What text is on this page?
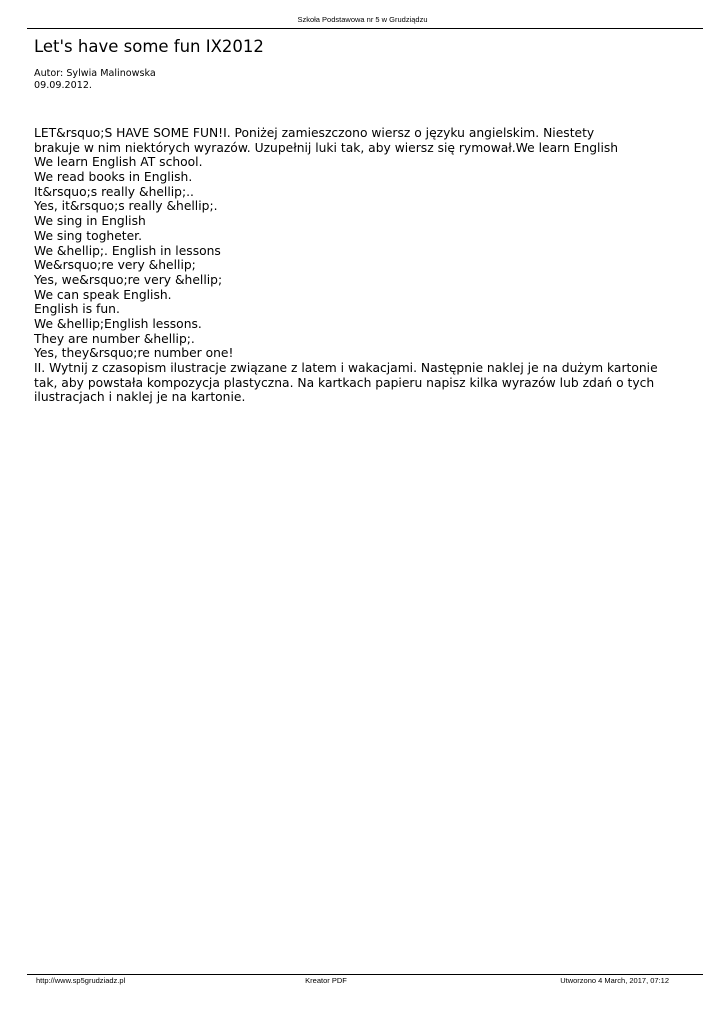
Szkoła Podstawowa nr 5 w Grudziądzu
Let's have some fun IX2012
Autor: Sylwia Malinowska
09.09.2012.
LET&rsquo;S HAVE SOME FUN!I. Poniżej zamieszczono wiersz o języku angielskim. Niestety
brakuje w nim niektórych wyrazów. Uzupełnij luki tak, aby wiersz się rymował.We learn English
We learn English AT school.
We read books in English.
It&rsquo;s really &hellip;..
Yes, it&rsquo;s really &hellip;.
We sing in English
We sing togheter.
We &hellip;. English in lessons
We&rsquo;re very &hellip;
Yes, we&rsquo;re very &hellip;
We can speak English.
English is fun.
We &hellip;English lessons.
They are number &hellip;.
Yes, they&rsquo;re number one!
II. Wytnij z czasopism ilustracje związane z latem i wakacjami. Następnie naklej je na dużym kartonie
tak, aby powstała kompozycja plastyczna. Na kartkach papieru napisz kilka wyrazów lub zdań o tych
ilustracjach i naklej je na kartonie.
http://www.sp5grudziadz.pl	Kreator PDF	Utworzono 4 March, 2017, 07:12
